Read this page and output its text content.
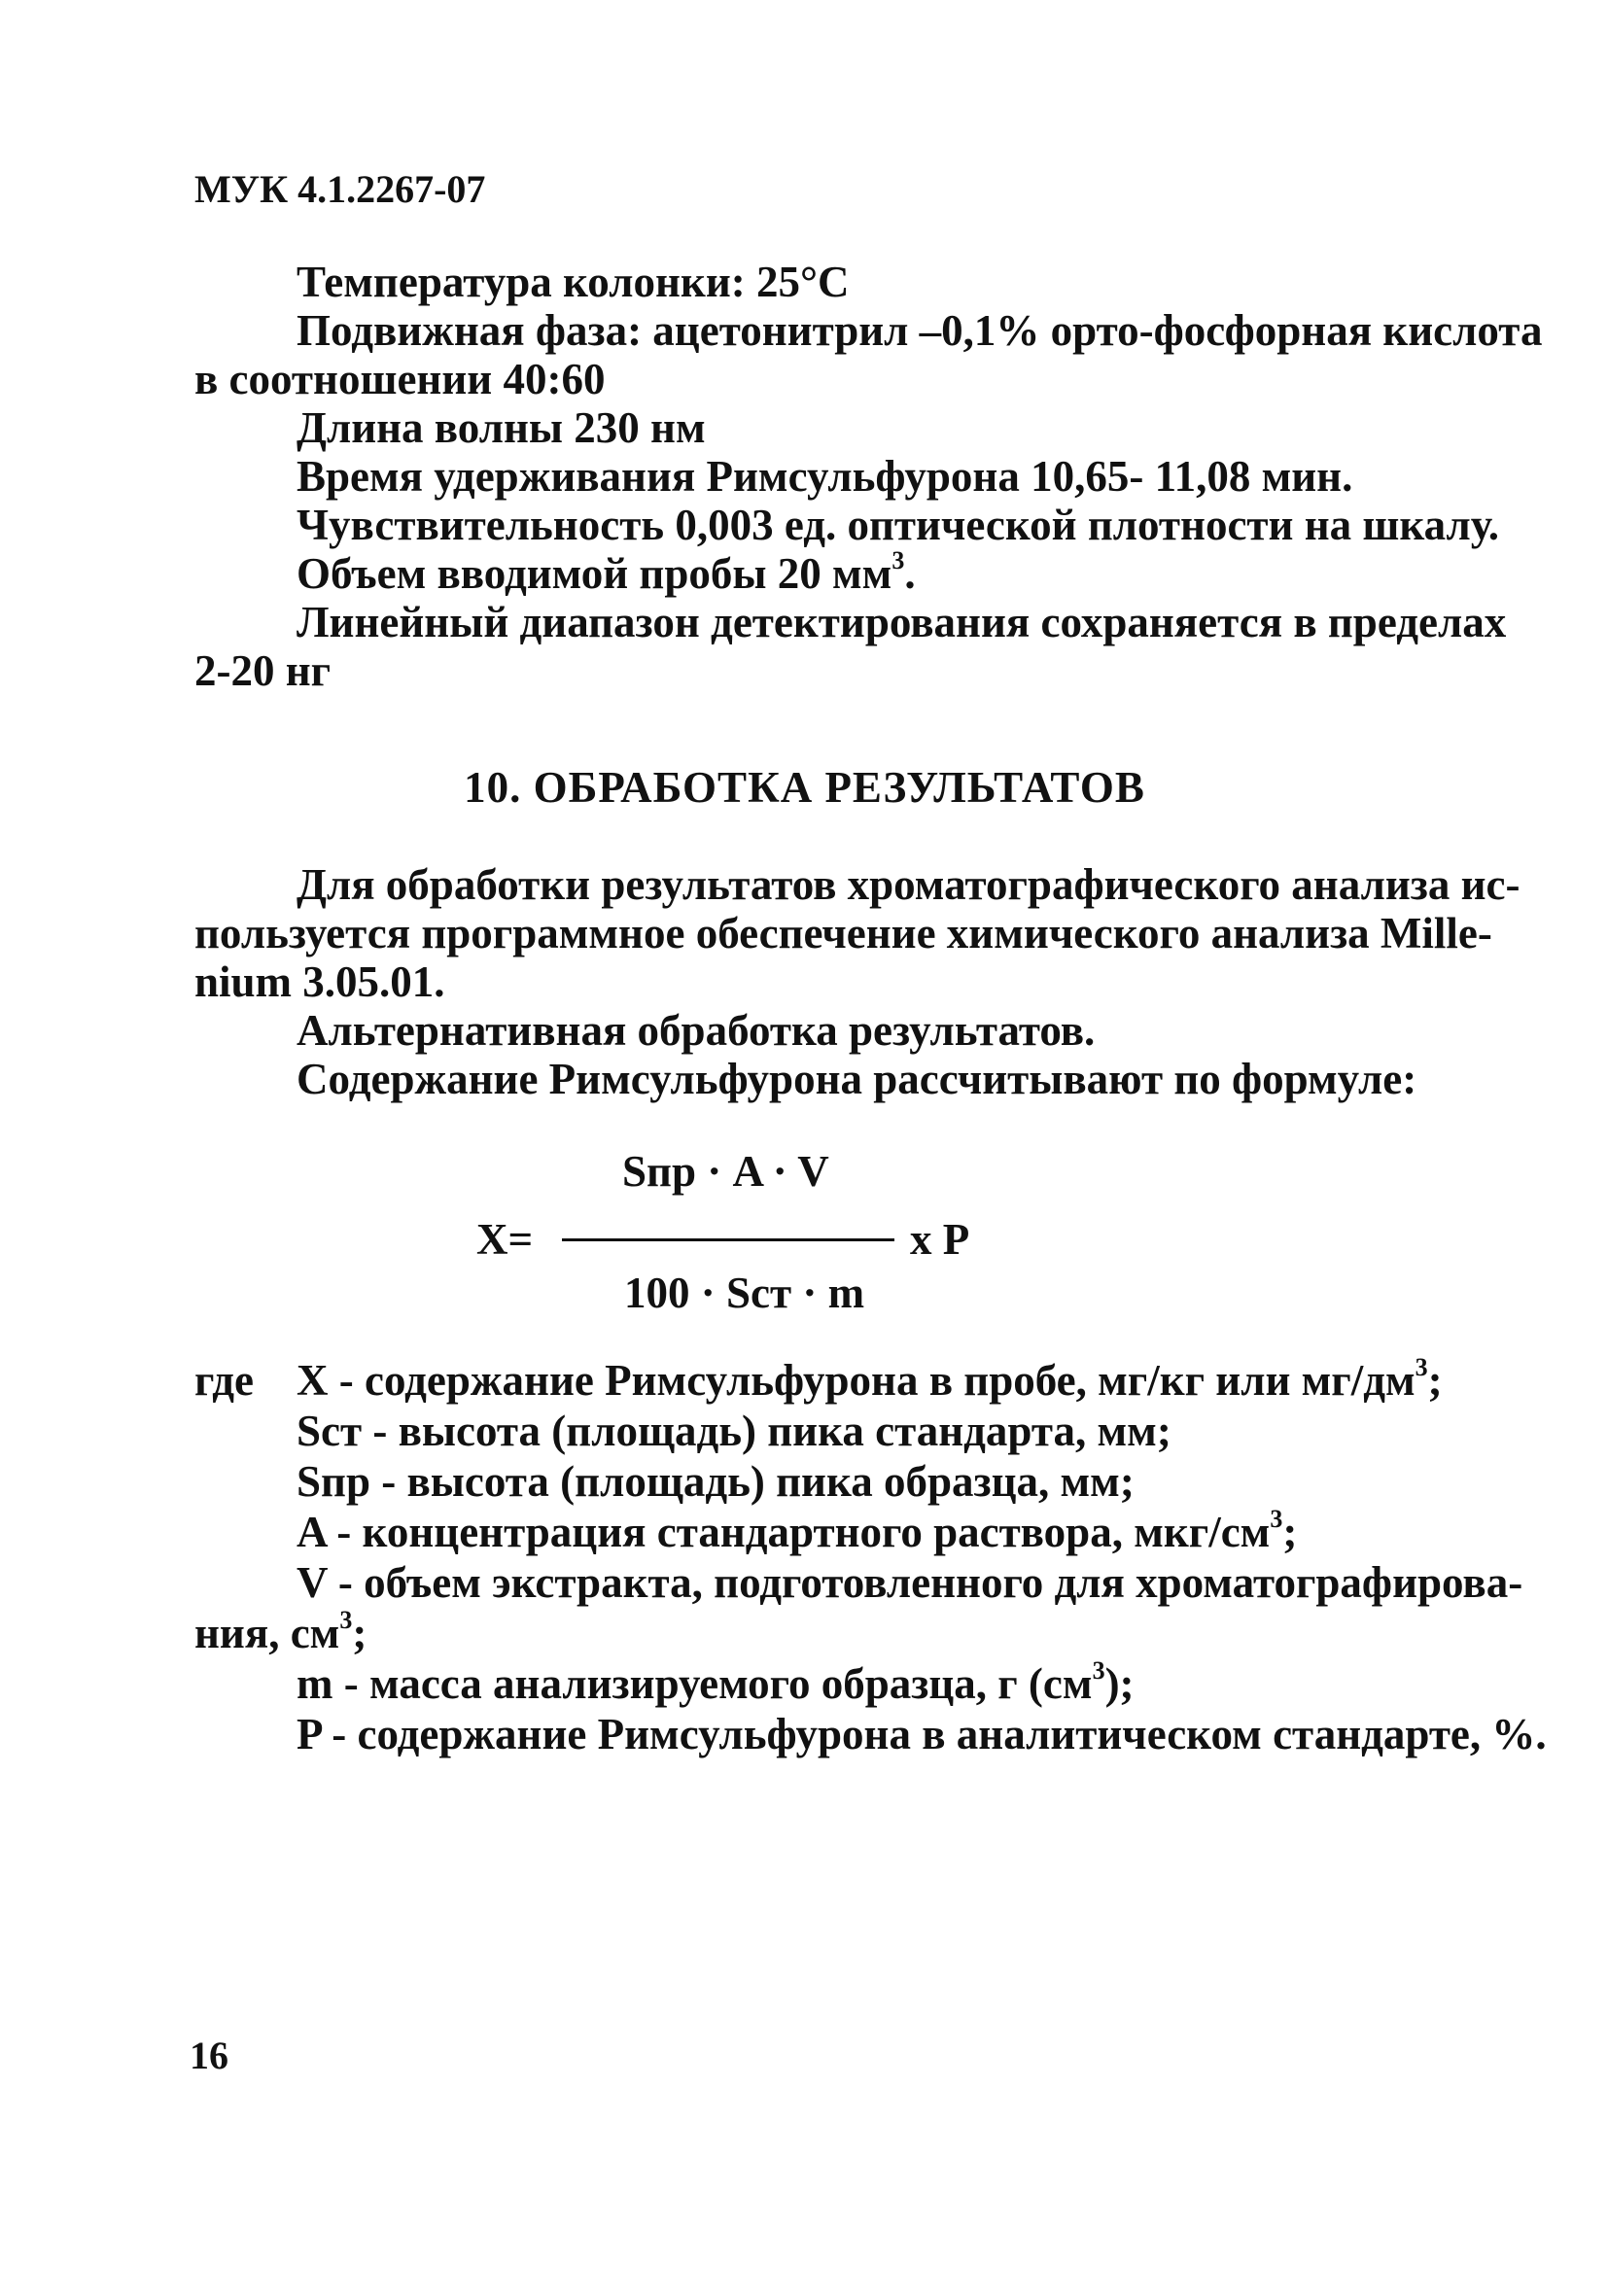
МУК 4.1.2267-07
Температура колонки: 25°С
Подвижная фаза: ацетонитрил –0,1% орто-фосфорная кислота
в соотношении 40:60
Длина волны 230 нм
Время удерживания Римсульфурона 10,65- 11,08 мин.
Чувствительность 0,003 ед. оптической плотности на шкалу.
Объем вводимой пробы 20 $мм^3$.
Линейный диапазон детектирования сохраняется в пределах
2-20 нг
10. ОБРАБОТКА РЕЗУЛЬТАТОВ
Для обработки результатов хроматографического анализа ис-
пользуется программное обеспечение химического анализа Mille-
nium 3.05.01.
Альтернативная обработка результатов.
Содержание Римсульфурона рассчитывают по формуле:
Sпр · A · V
X=	x P
100 · Sст · m
где X - содержание Римсульфурона в пробе, мг/кг или $мг/дм^3$;
Sст - высота (площадь) пика стандарта, мм;
Sпр - высота (площадь) пика образца, мм;
A - концентрация стандартного раствора, мкг/$см^3$;
V - объем экстракта, подготовленного для хроматографирова-
ния, $см^3$;
m - масса анализируемого образца, г $(см^3)$;
P - содержание Римсульфурона в аналитическом стандарте, %.
16
